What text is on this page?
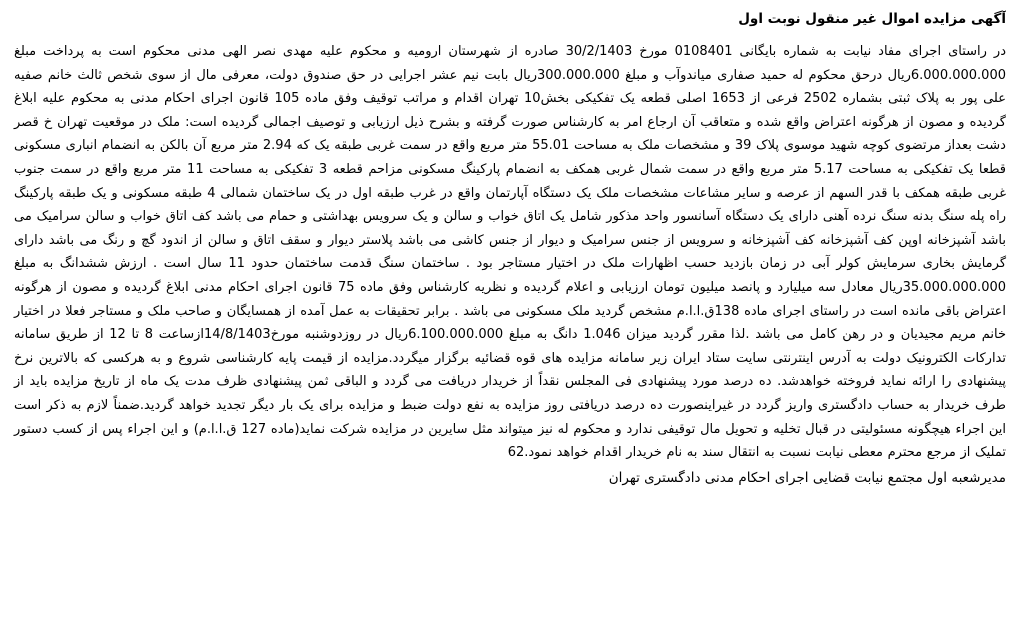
آگهی مزایده اموال غیر منقول نوبت اول

در راستای اجرای مفاد نیابت به شماره بایگانی 0108401 مورخ 30/2/1403 صادره از شهرستان ارومیه و محکوم علیه مهدی نصر الهی مدنی محکوم است به پرداخت مبلغ 6.000.000.000ریال درحق محکوم له حمید صفاری میاندوآب و مبلغ 300.000.000ریال بابت نیم عشر اجرایی در حق صندوق دولت، معرفی مال از سوی شخص ثالث خانم صفیه علی پور به پلاک ثبتی بشماره 2502 فرعی از 1653 اصلی قطعه یک تفکیکی بخش10 تهران اقدام و مراتب توقیف وفق ماده 105 قانون اجرای احکام مدنی به محکوم علیه ابلاغ گردیده و مصون از هرگونه اعتراض واقع شده و متعاقب آن ارجاع امر به کارشناس صورت گرفته و بشرح ذیل ارزیابی و توصیف اجمالی گردیده است: ملک در موقعیت تهران خ قصر دشت بعداز مرتضوی کوچه شهید موسوی پلاک 39 و مشخصات ملک به مساحت 55.01 متر مربع واقع در سمت غربی طبقه یک که 2.94 متر مربع آن بالکن به انضمام انباری مسکونی قطعا یک تفکیکی به مساحت 5.17 متر مربع واقع در سمت شمال غربی همکف به انضمام پارکینگ مسکونی مزاحم قطعه 3 تفکیکی به مساحت 11 متر مربع واقع در سمت جنوب غربی طبقه همکف با قدر السهم از عرصه و سایر مشاعات مشخصات ملک یک دستگاه آپارتمان واقع در غرب طبقه اول در یک ساختمان شمالی 4 طبقه مسکونی و یک طبقه پارکینگ راه پله سنگ بدنه سنگ نرده آهنی دارای یک دستگاه آسانسور واحد مذکور شامل یک اتاق خواب و سالن و یک سرویس بهداشتی و حمام می باشد کف اتاق خواب و سالن سرامیک می باشد آشپزخانه اوپن کف آشپزخانه کف آشپزخانه و سرویس از جنس سرامیک و دیوار از جنس کاشی می باشد پلاستر دیوار و سقف اتاق و سالن از اندود گچ و رنگ می باشد دارای گرمایش بخاری سرمایش کولر آبی در زمان بازدید حسب اظهارات ملک در اختیار مستاجر بود . ساختمان سنگ قدمت ساختمان حدود 11 سال است . ارزش ششدانگ به مبلغ 35.000.000.000ریال معادل سه میلیارد و پانصد میلیون تومان ارزیابی و اعلام گردیده و نظریه کارشناس وفق ماده 75 قانون اجرای احکام مدنی ابلاغ گردیده و مصون از هرگونه اعتراض باقی مانده است در راستای اجرای ماده 138ق.ا.ا.م مشخص گردید ملک مسکونی می باشد . برابر تحقیقات به عمل آمده از همسایگان و صاحب ملک و مستاجر فعلا در اختیار خانم مریم مجیدیان و در رهن کامل می باشد .لذا مقرر گردید میزان 1.046 دانگ به مبلغ 6.100.000.000ریال در روزدوشنبه مورخ14/8/1403ازساعت 8 تا 12 از طریق سامانه تدارکات الکترونیک دولت به آدرس اینترنتی سایت ستاد ایران زیر سامانه مزایده های قوه قضائیه برگزار میگردد.مزایده از قیمت پایه کارشناسی شروع و به هرکسی که بالاترین نرخ پیشنهادی را ارائه نماید فروخته خواهدشد. ده درصد مورد پیشنهادی فی المجلس نقداً از خریدار دریافت می گردد و الباقی ثمن پیشنهادی ظرف مدت یک ماه از تاریخ مزایده باید از طرف خریدار به حساب دادگستری واریز گردد در غیراینصورت ده درصد دریافتی روز مزایده به نفع دولت ضبط و مزایده برای یک بار دیگر تجدید خواهد گردید.ضمناً لازم به ذکر است این اجراء هیچگونه مسئولیتی در قبال تخلیه و تحویل مال توقیفی ندارد و محکوم له نیز میتواند مثل سایرین در مزایده شرکت نماید(ماده 127 ق.ا.ا.م) و این اجراء پس از کسب دستور تملیک از مرجع محترم معطی نیابت نسبت به انتقال سند به نام خریدار اقدام خواهد نمود.62

مدیرشعبه اول مجتمع نیابت قضایی اجرای احکام مدنی دادگستری تهران
